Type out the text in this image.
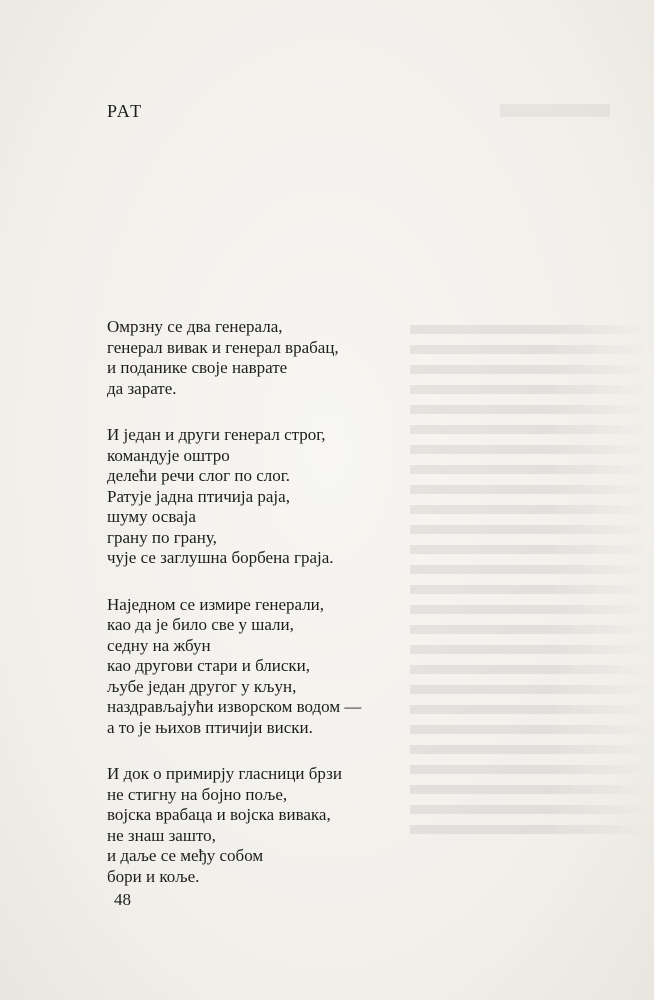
РАТ
Омрзну се два генерала,
генерал вивак и генерал врабац,
и поданике своје наврате
да зарате.
И један и други генерал строг,
командује оштро
делећи речи слог по слог.
Ратује јадна птичија раја,
шуму осваја
грану по грану,
чује се заглушна борбена граја.
Наједном се измире генерали,
као да је било све у шали,
седну на жбун
као другови стари и блиски,
љубе један другог у кљун,
наздрављајући изворском водом —
а то је њихов птичији виски.
И док о примирју гласници брзи
не стигну на бојно поље,
војска врабаца и војска вивака,
не знаш зашто,
и даље се међу собом
бори и коље.
48
